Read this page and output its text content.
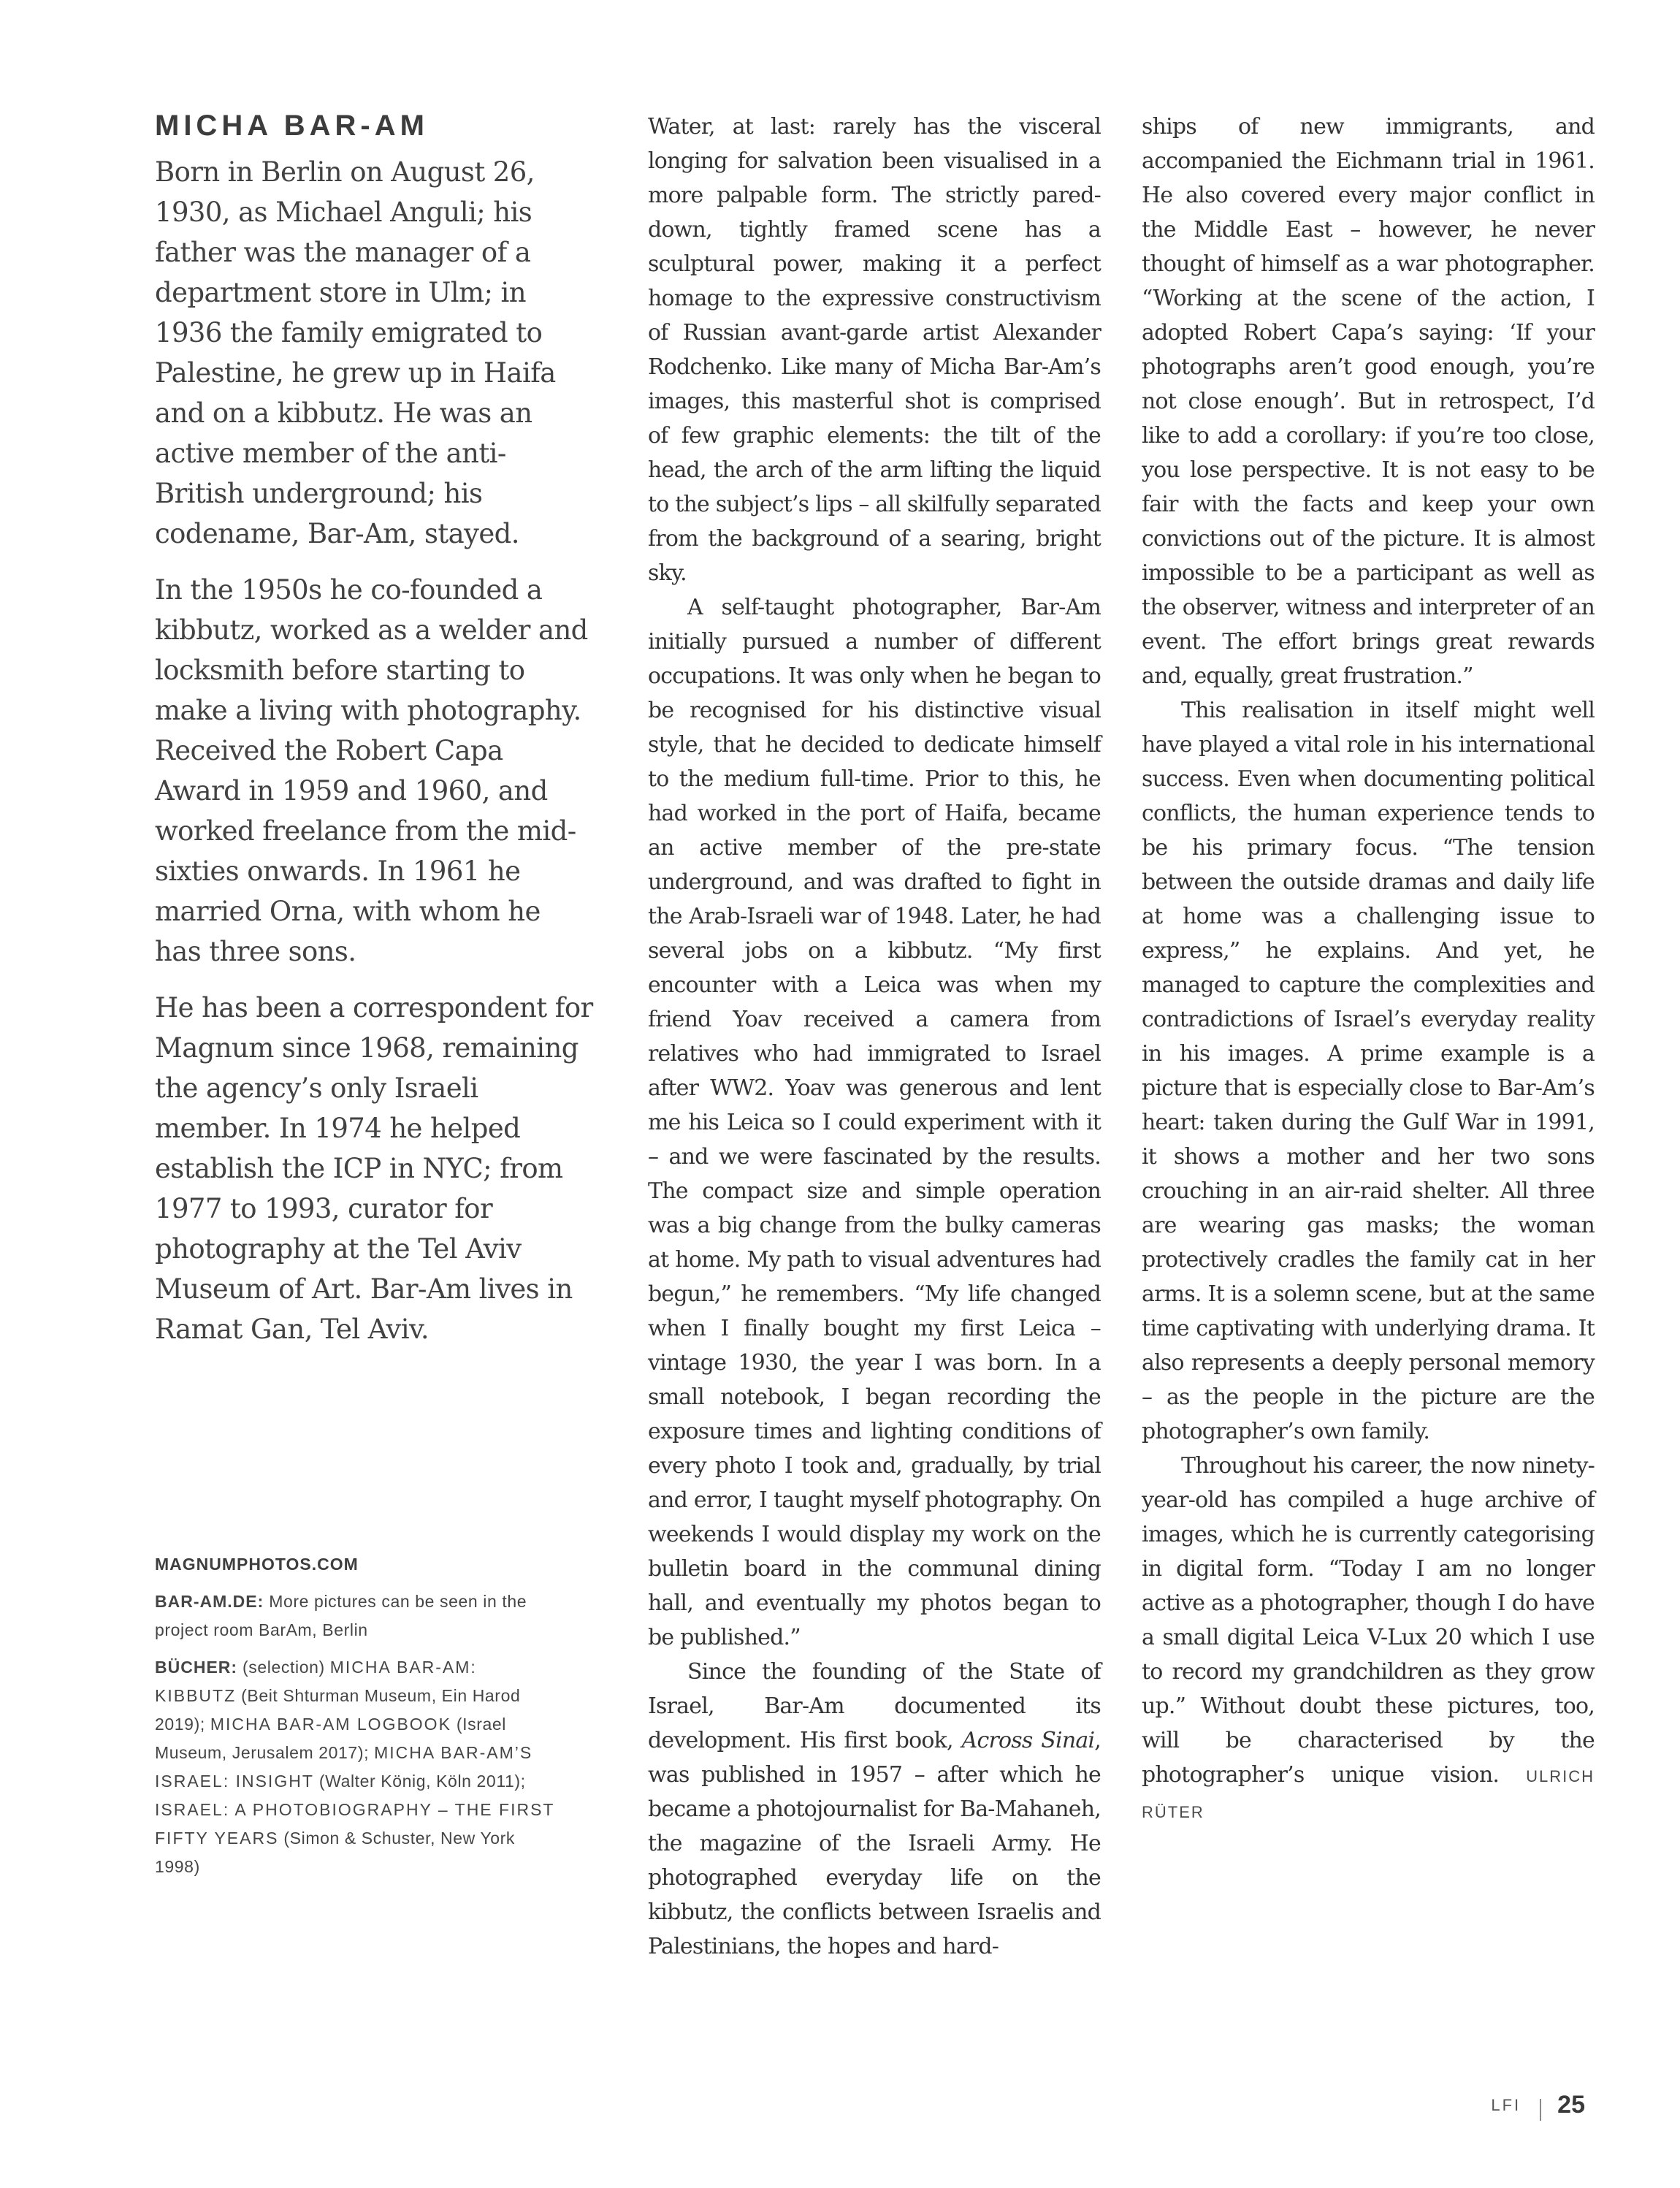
MICHA BAR-AM

Born in Berlin on August 26, 1930, as Michael Anguli; his father was the manager of a department store in Ulm; in 1936 the family emigrated to Palestine, he grew up in Haifa and on a kibbutz. He was an active member of the anti-British underground; his codename, Bar-Am, stayed.

In the 1950s he co-founded a kibbutz, worked as a welder and locksmith before starting to make a living with photography. Received the Robert Capa Award in 1959 and 1960, and worked freelance from the mid-sixties onwards. In 1961 he married Orna, with whom he has three sons.

He has been a correspondent for Magnum since 1968, remaining the agency’s only Israeli member. In 1974 he helped establish the ICP in NYC; from 1977 to 1993, curator for photography at the Tel Aviv Museum of Art. Bar-Am lives in Ramat Gan, Tel Aviv.

MAGNUMPHOTOS.COM

BAR-AM.DE: More pictures can be seen in the project room BarAm, Berlin

BÜCHER: (selection) MICHA BAR-AM: KIBBUTZ (Beit Shturman Museum, Ein Harod 2019); MICHA BAR-AM LOGBOOK (Israel Museum, Jerusalem 2017); MICHA BAR-AM’S ISRAEL: INSIGHT (Walter König, Köln 2011); ISRAEL: A PHOTOBIOGRAPHY – THE FIRST FIFTY YEARS (Simon & Schuster, New York 1998)

Water, at last: rarely has the visceral longing for salvation been visualised in a more palpable form. The strictly pared-down, tightly framed scene has a sculptural power, making it a perfect homage to the expressive constructivism of Russian avant-garde artist Alexander Rodchenko. Like many of Micha Bar-Am’s images, this masterful shot is comprised of few graphic elements: the tilt of the head, the arch of the arm lifting the liquid to the subject’s lips – all skilfully separated from the background of a searing, bright sky.

A self-taught photographer, Bar-Am initially pursued a number of different occupations. It was only when he began to be recognised for his distinctive visual style, that he decided to dedicate himself to the medium full-time. Prior to this, he had worked in the port of Haifa, became an active member of the pre-state underground, and was drafted to fight in the Arab-Israeli war of 1948. Later, he had several jobs on a kibbutz. “My first encounter with a Leica was when my friend Yoav received a camera from relatives who had immigrated to Israel after WW2. Yoav was generous and lent me his Leica so I could experiment with it – and we were fascinated by the results. The compact size and simple operation was a big change from the bulky cameras at home. My path to visual adventures had begun,” he remembers. “My life changed when I finally bought my first Leica – vintage 1930, the year I was born. In a small notebook, I began recording the exposure times and lighting conditions of every photo I took and, gradually, by trial and error, I taught myself photography. On weekends I would display my work on the bulletin board in the communal dining hall, and eventually my photos began to be published.”

Since the founding of the State of Israel, Bar-Am documented its development. His first book, Across Sinai, was published in 1957 – after which he became a photojournalist for Ba-Mahaneh, the magazine of the Israeli Army. He photographed everyday life on the kibbutz, the conflicts between Israelis and Palestinians, the hopes and hard-

ships of new immigrants, and accompanied the Eichmann trial in 1961. He also covered every major conflict in the Middle East – however, he never thought of himself as a war photographer. “Working at the scene of the action, I adopted Robert Capa’s saying: ‘If your photographs aren’t good enough, you’re not close enough’. But in retrospect, I’d like to add a corollary: if you’re too close, you lose perspective. It is not easy to be fair with the facts and keep your own convictions out of the picture. It is almost impossible to be a participant as well as the observer, witness and interpreter of an event. The effort brings great rewards and, equally, great frustration.”

This realisation in itself might well have played a vital role in his international success. Even when documenting political conflicts, the human experience tends to be his primary focus. “The tension between the outside dramas and daily life at home was a challenging issue to express,” he explains. And yet, he managed to capture the complexities and contradictions of Israel’s everyday reality in his images. A prime example is a picture that is especially close to Bar-Am’s heart: taken during the Gulf War in 1991, it shows a mother and her two sons crouching in an air-raid shelter. All three are wearing gas masks; the woman protectively cradles the family cat in her arms. It is a solemn scene, but at the same time captivating with underlying drama. It also represents a deeply personal memory – as the people in the picture are the photographer’s own family.

Throughout his career, the now ninety-year-old has compiled a huge archive of images, which he is currently categorising in digital form. “Today I am no longer active as a photographer, though I do have a small digital Leica V-Lux 20 which I use to record my grandchildren as they grow up.” Without doubt these pictures, too, will be characterised by the photographer’s unique vision. ULRICH RÜTER

LFI 25
